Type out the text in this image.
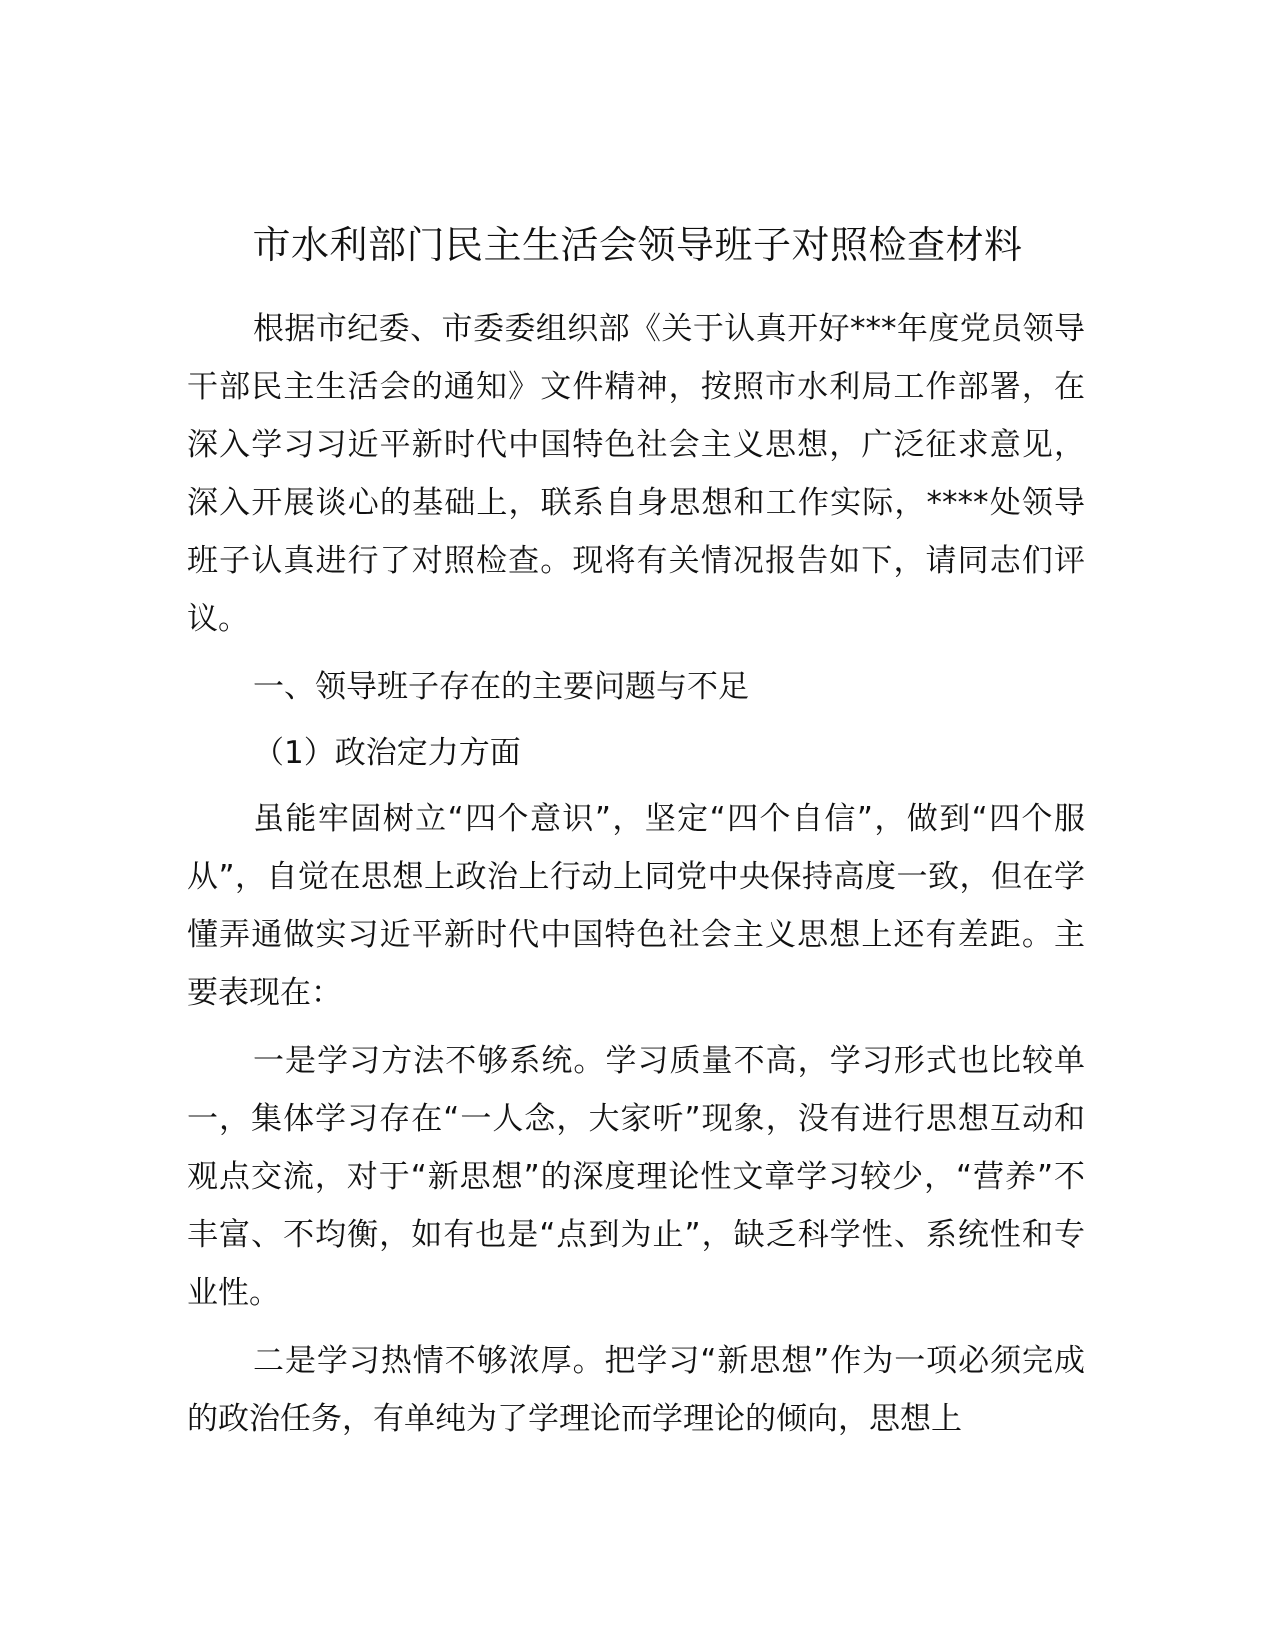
市水利部门民主生活会领导班子对照检查材料

根据市纪委、市委委组织部《关于认真开好***年度党员领导干部民主生活会的通知》文件精神，按照市水利局工作部署，在深入学习习近平新时代中国特色社会主义思想，广泛征求意见，深入开展谈心的基础上，联系自身思想和工作实际，****处领导班子认真进行了对照检查。现将有关情况报告如下，请同志们评议。

一、领导班子存在的主要问题与不足

（1）政治定力方面

虽能牢固树立“四个意识”，坚定“四个自信”，做到“四个服从”，自觉在思想上政治上行动上同党中央保持高度一致，但在学懂弄通做实习近平新时代中国特色社会主义思想上还有差距。主要表现在：

一是学习方法不够系统。学习质量不高，学习形式也比较单一，集体学习存在“一人念，大家听”现象，没有进行思想互动和观点交流，对于“新思想”的深度理论性文章学习较少，“营养”不丰富、不均衡，如有也是“点到为止”，缺乏科学性、系统性和专业性。

二是学习热情不够浓厚。把学习“新思想”作为一项必须完成的政治任务，有单纯为了学理论而学理论的倾向，思想上
